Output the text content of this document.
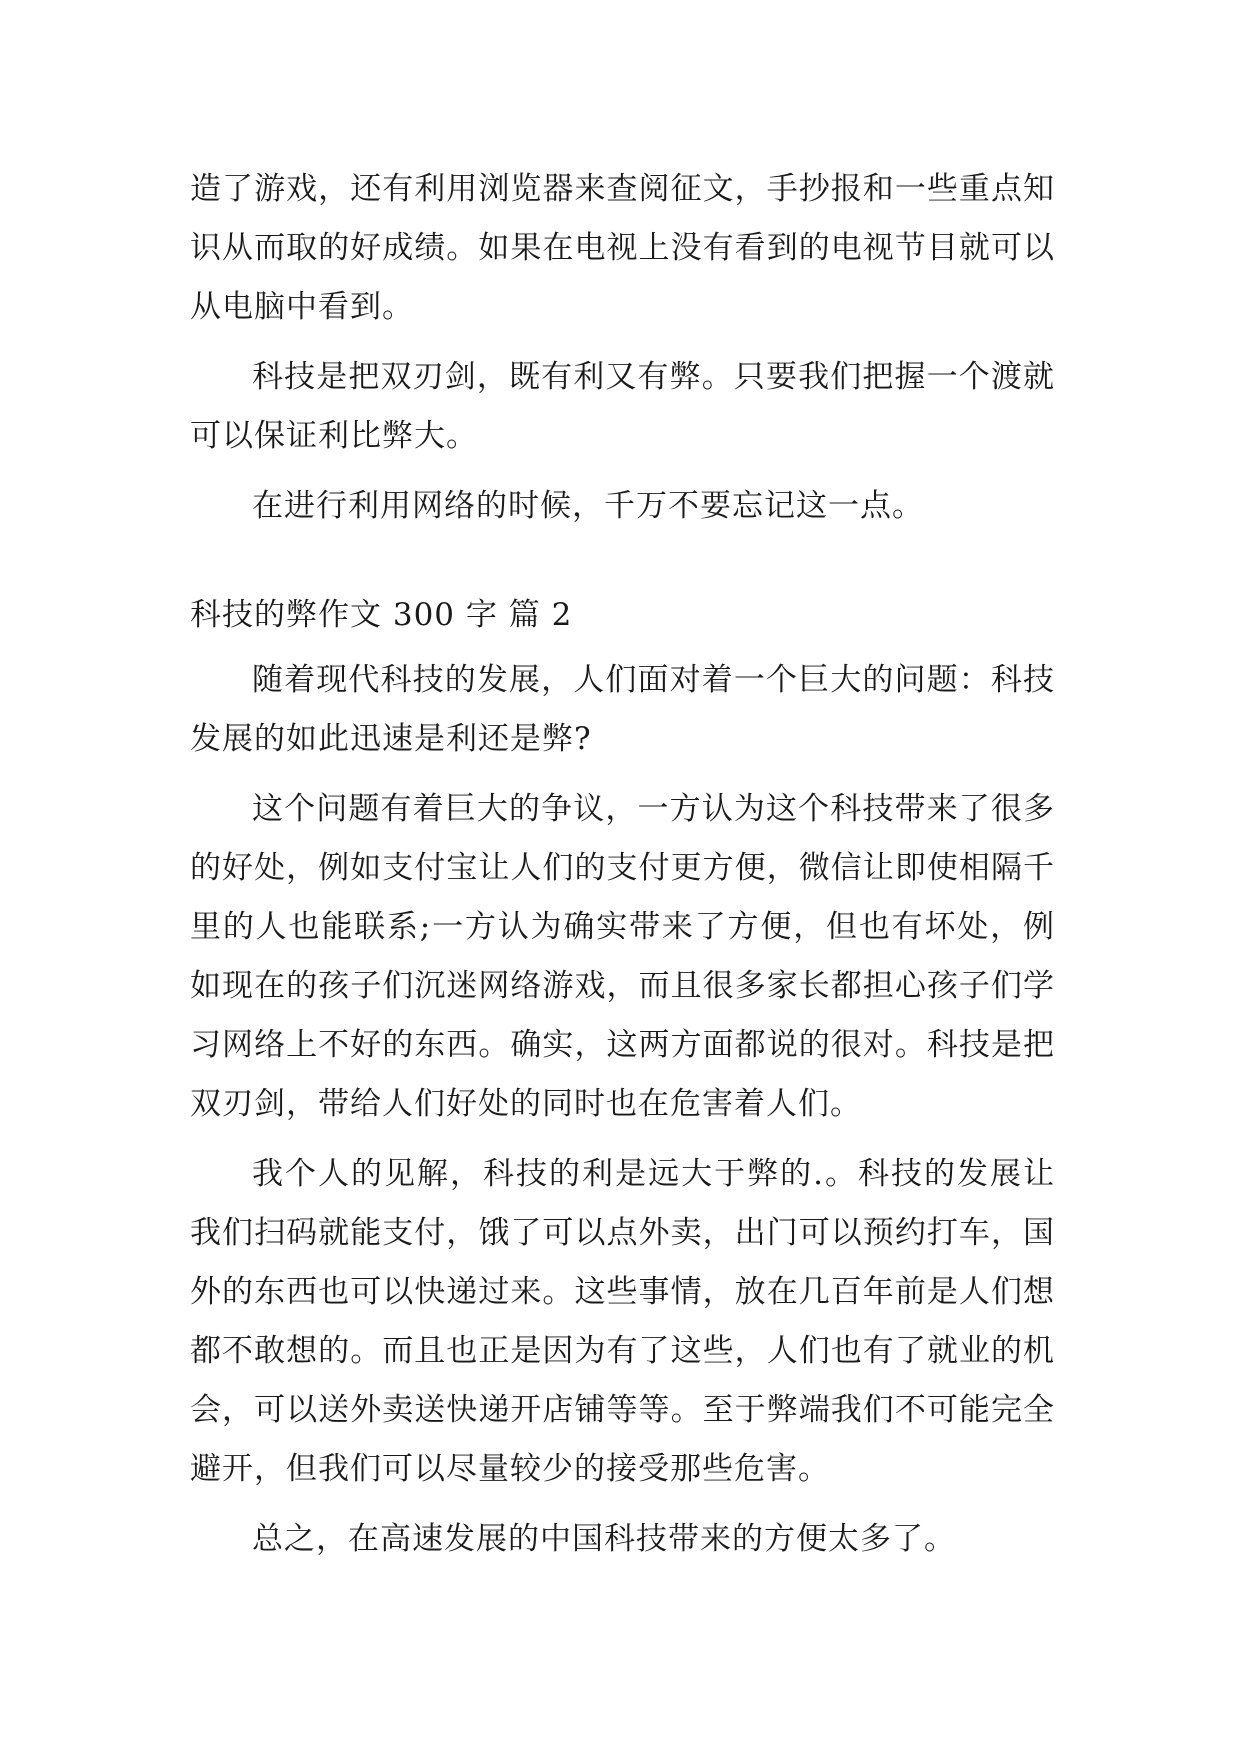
造了游戏，还有利用浏览器来查阅征文，手抄报和一些重点知识从而取的好成绩。如果在电视上没有看到的电视节目就可以从电脑中看到。

科技是把双刃剑，既有利又有弊。只要我们把握一个渡就可以保证利比弊大。

在进行利用网络的时候，千万不要忘记这一点。

科技的弊作文 300 字 篇 2

随着现代科技的发展，人们面对着一个巨大的问题：科技发展的如此迅速是利还是弊?

这个问题有着巨大的争议，一方认为这个科技带来了很多的好处，例如支付宝让人们的支付更方便，微信让即使相隔千里的人也能联系;一方认为确实带来了方便，但也有坏处，例如现在的孩子们沉迷网络游戏，而且很多家长都担心孩子们学习网络上不好的东西。确实，这两方面都说的很对。科技是把双刃剑，带给人们好处的同时也在危害着人们。

我个人的见解，科技的利是远大于弊的.。科技的发展让我们扫码就能支付，饿了可以点外卖，出门可以预约打车，国外的东西也可以快递过来。这些事情，放在几百年前是人们想都不敢想的。而且也正是因为有了这些，人们也有了就业的机会，可以送外卖送快递开店铺等等。至于弊端我们不可能完全避开，但我们可以尽量较少的接受那些危害。

总之，在高速发展的中国科技带来的方便太多了。
